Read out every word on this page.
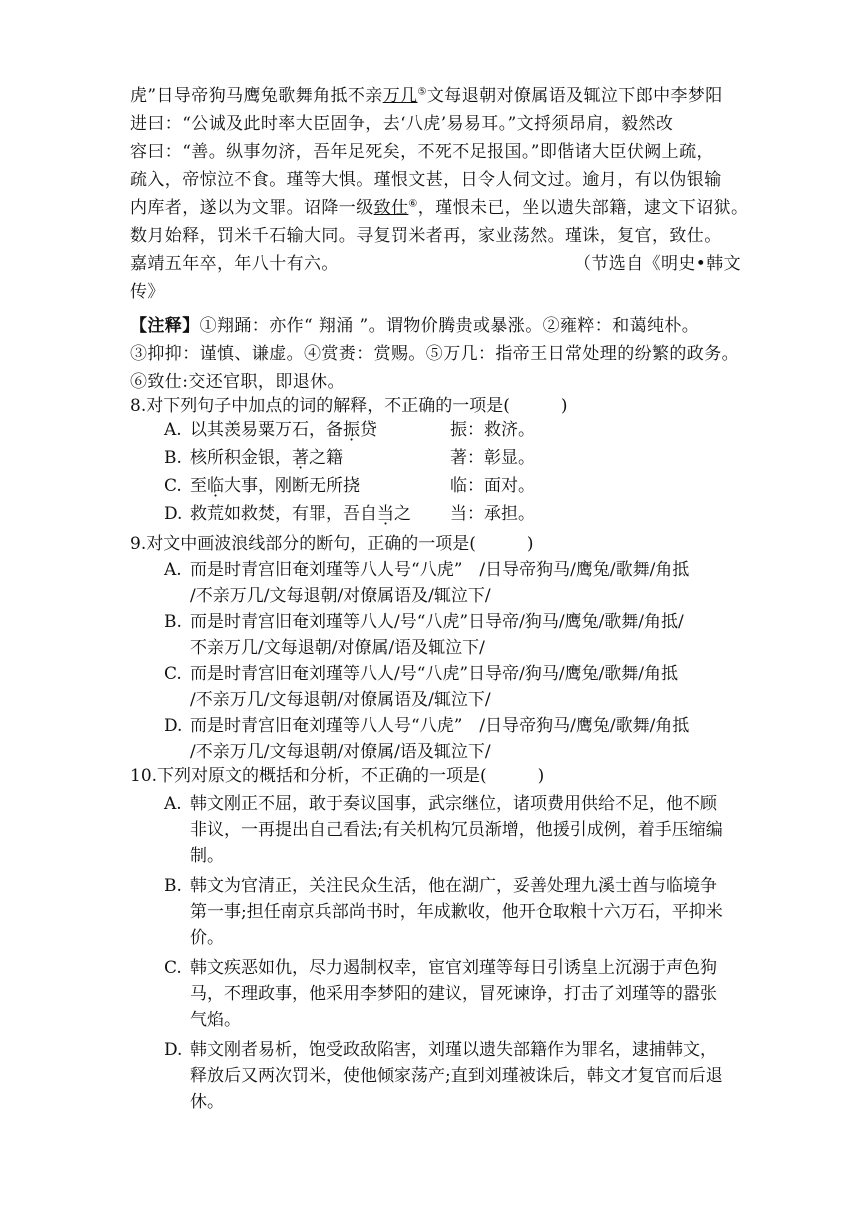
虎”日导帝狗马鹰兔歌舞角抵不亲万几⑤文每退朝对僚属语及辄泣下郎中李梦阳
进曰：“公诚及此时率大臣固争，去‘八虎’易易耳。”文捋须昂肩，毅然改
容曰：“善。纵事勿济，吾年足死矣，不死不足报国。”即偕诸大臣伏阙上疏，
疏入，帝惊泣不食。瑾等大惧。瑾恨文甚，日令人伺文过。逾月，有以伪银输
内库者，遂以为文罪。诏降一级致仕⑥，瑾恨未已，坐以遗失部籍，逮文下诏狱。
数月始释，罚米千石输大同。寻复罚米者再，家业荡然。瑾诛，复官，致仕。
嘉靖五年卒，年八十有六。	（节选自《明史•韩文
传》
【注释】①翔踊：亦作“ 翔涌 ”。谓物价腾贵或暴涨。②雍粹：和蔼纯朴。
③抑抑：谨慎、谦虚。④赏赉：赏赐。⑤万几：指帝王日常处理的纷繁的政务。
⑥致仕:交还官职，即退休。
8.对下列句子中加点的词的解释，不正确的一项是(　　　)
A. 以其羡易粟万石，备振贷	振：救济。
B. 核所积金银，著之籍	著：彰显。
C. 至临大事，刚断无所挠	临：面对。
D. 救荒如救焚，有罪，吾自当之 当：承担。
9.对文中画波浪线部分的断句，正确的一项是(　　　)
A. 而是时青宫旧奄刘瑾等八人号“八虎”　/日导帝狗马/鹰兔/歌舞/角抵
/不亲万几/文每退朝/对僚属语及/辄泣下/
B. 而是时青宫旧奄刘瑾等八人/号“八虎”日导帝/狗马/鹰兔/歌舞/角抵/
不亲万几/文每退朝/对僚属/语及辄泣下/
C. 而是时青宫旧奄刘瑾等八人/号“八虎”日导帝/狗马/鹰兔/歌舞/角抵
/不亲万几/文每退朝/对僚属语及/辄泣下/
D. 而是时青宫旧奄刘瑾等八人号“八虎”　/日导帝狗马/鹰兔/歌舞/角抵
/不亲万几/文每退朝/对僚属/语及辄泣下/
10.下列对原文的概括和分析，不正确的一项是(　　　)
A. 韩文刚正不屈，敢于奏议国事，武宗继位，诸项费用供给不足，他不顾
非议，一再提出自己看法;有关机构冗员渐增，他援引成例，着手压缩编
制。
B. 韩文为官清正，关注民众生活，他在湖广，妥善处理九溪士酋与临境争
第一事;担任南京兵部尚书时，年成歉收，他开仓取粮十六万石，平抑米
价。
C. 韩文疾恶如仇，尽力遏制权幸，宦官刘瑾等每日引诱皇上沉溺于声色狗
马，不理政事，他采用李梦阳的建议，冒死谏诤，打击了刘瑾等的嚣张
气焰。
D. 韩文刚者易析，饱受政敌陷害，刘瑾以遗失部籍作为罪名，逮捕韩文，
释放后又两次罚米，使他倾家荡产;直到刘瑾被诛后，韩文才复官而后退
休。
